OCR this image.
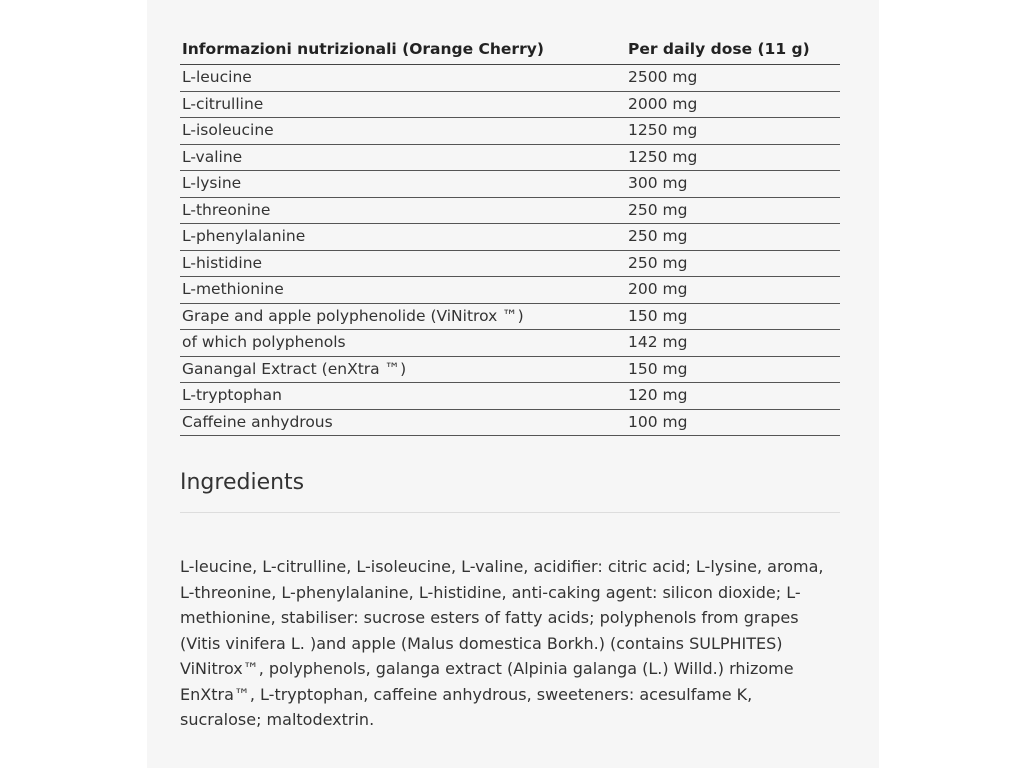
Informazioni nutrizionali (Orange Cherry)	Per daily dose (11 g)
L-leucine	2500 mg
L-citrulline	2000 mg
L-isoleucine	1250 mg
L-valine	1250 mg
L-lysine	300 mg
L-threonine	250 mg
L-phenylalanine	250 mg
L-histidine	250 mg
L-methionine	200 mg
Grape and apple polyphenolide (ViNitrox ™)	150 mg
of which polyphenols	142 mg
Ganangal Extract (enXtra ™)	150 mg
L-tryptophan	120 mg
Caffeine anhydrous	100 mg
Ingredients
L-leucine, L-citrulline, L-isoleucine, L-valine, acidifier: citric acid; L-lysine, aroma, L-threonine, L-phenylalanine, L-histidine, anti-caking agent: silicon dioxide; L-methionine, stabiliser: sucrose esters of fatty acids; polyphenols from grapes (Vitis vinifera L. )and apple (Malus domestica Borkh.) (contains SULPHITES) ViNitrox™, polyphenols, galanga extract (Alpinia galanga (L.) Willd.) rhizome EnXtra™, L-tryptophan, caffeine anhydrous, sweeteners: acesulfame K, sucralose; maltodextrin.
